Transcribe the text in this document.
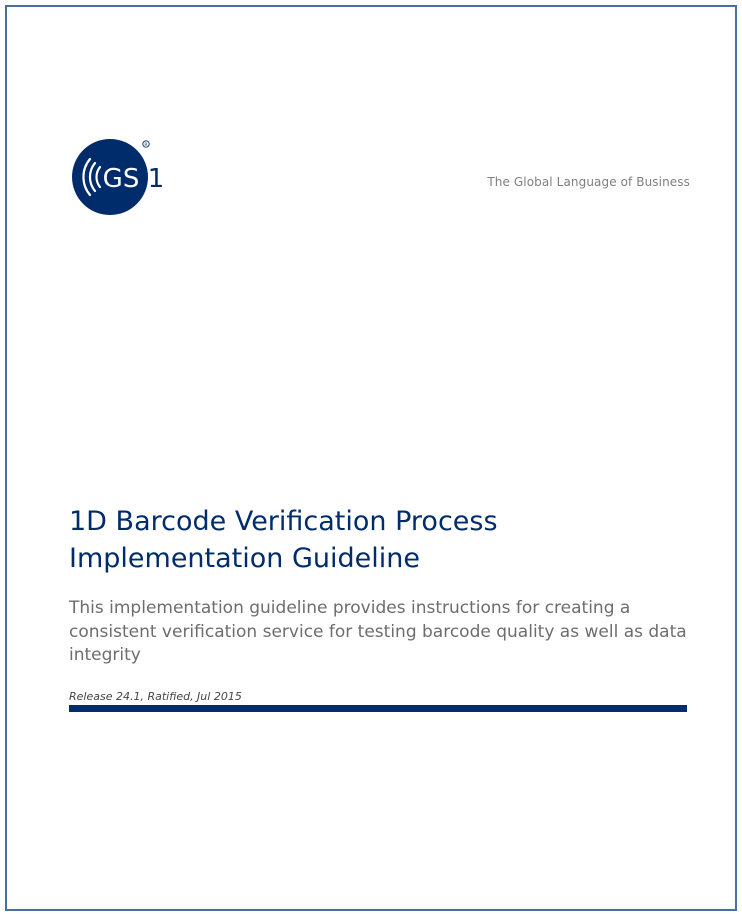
GS 1
R
The Global Language of Business
1D Barcode Verification Process
Implementation Guideline

This implementation guideline provides instructions for creating a consistent verification service for testing barcode quality as well as data integrity

Release 24.1, Ratified, Jul 2015
